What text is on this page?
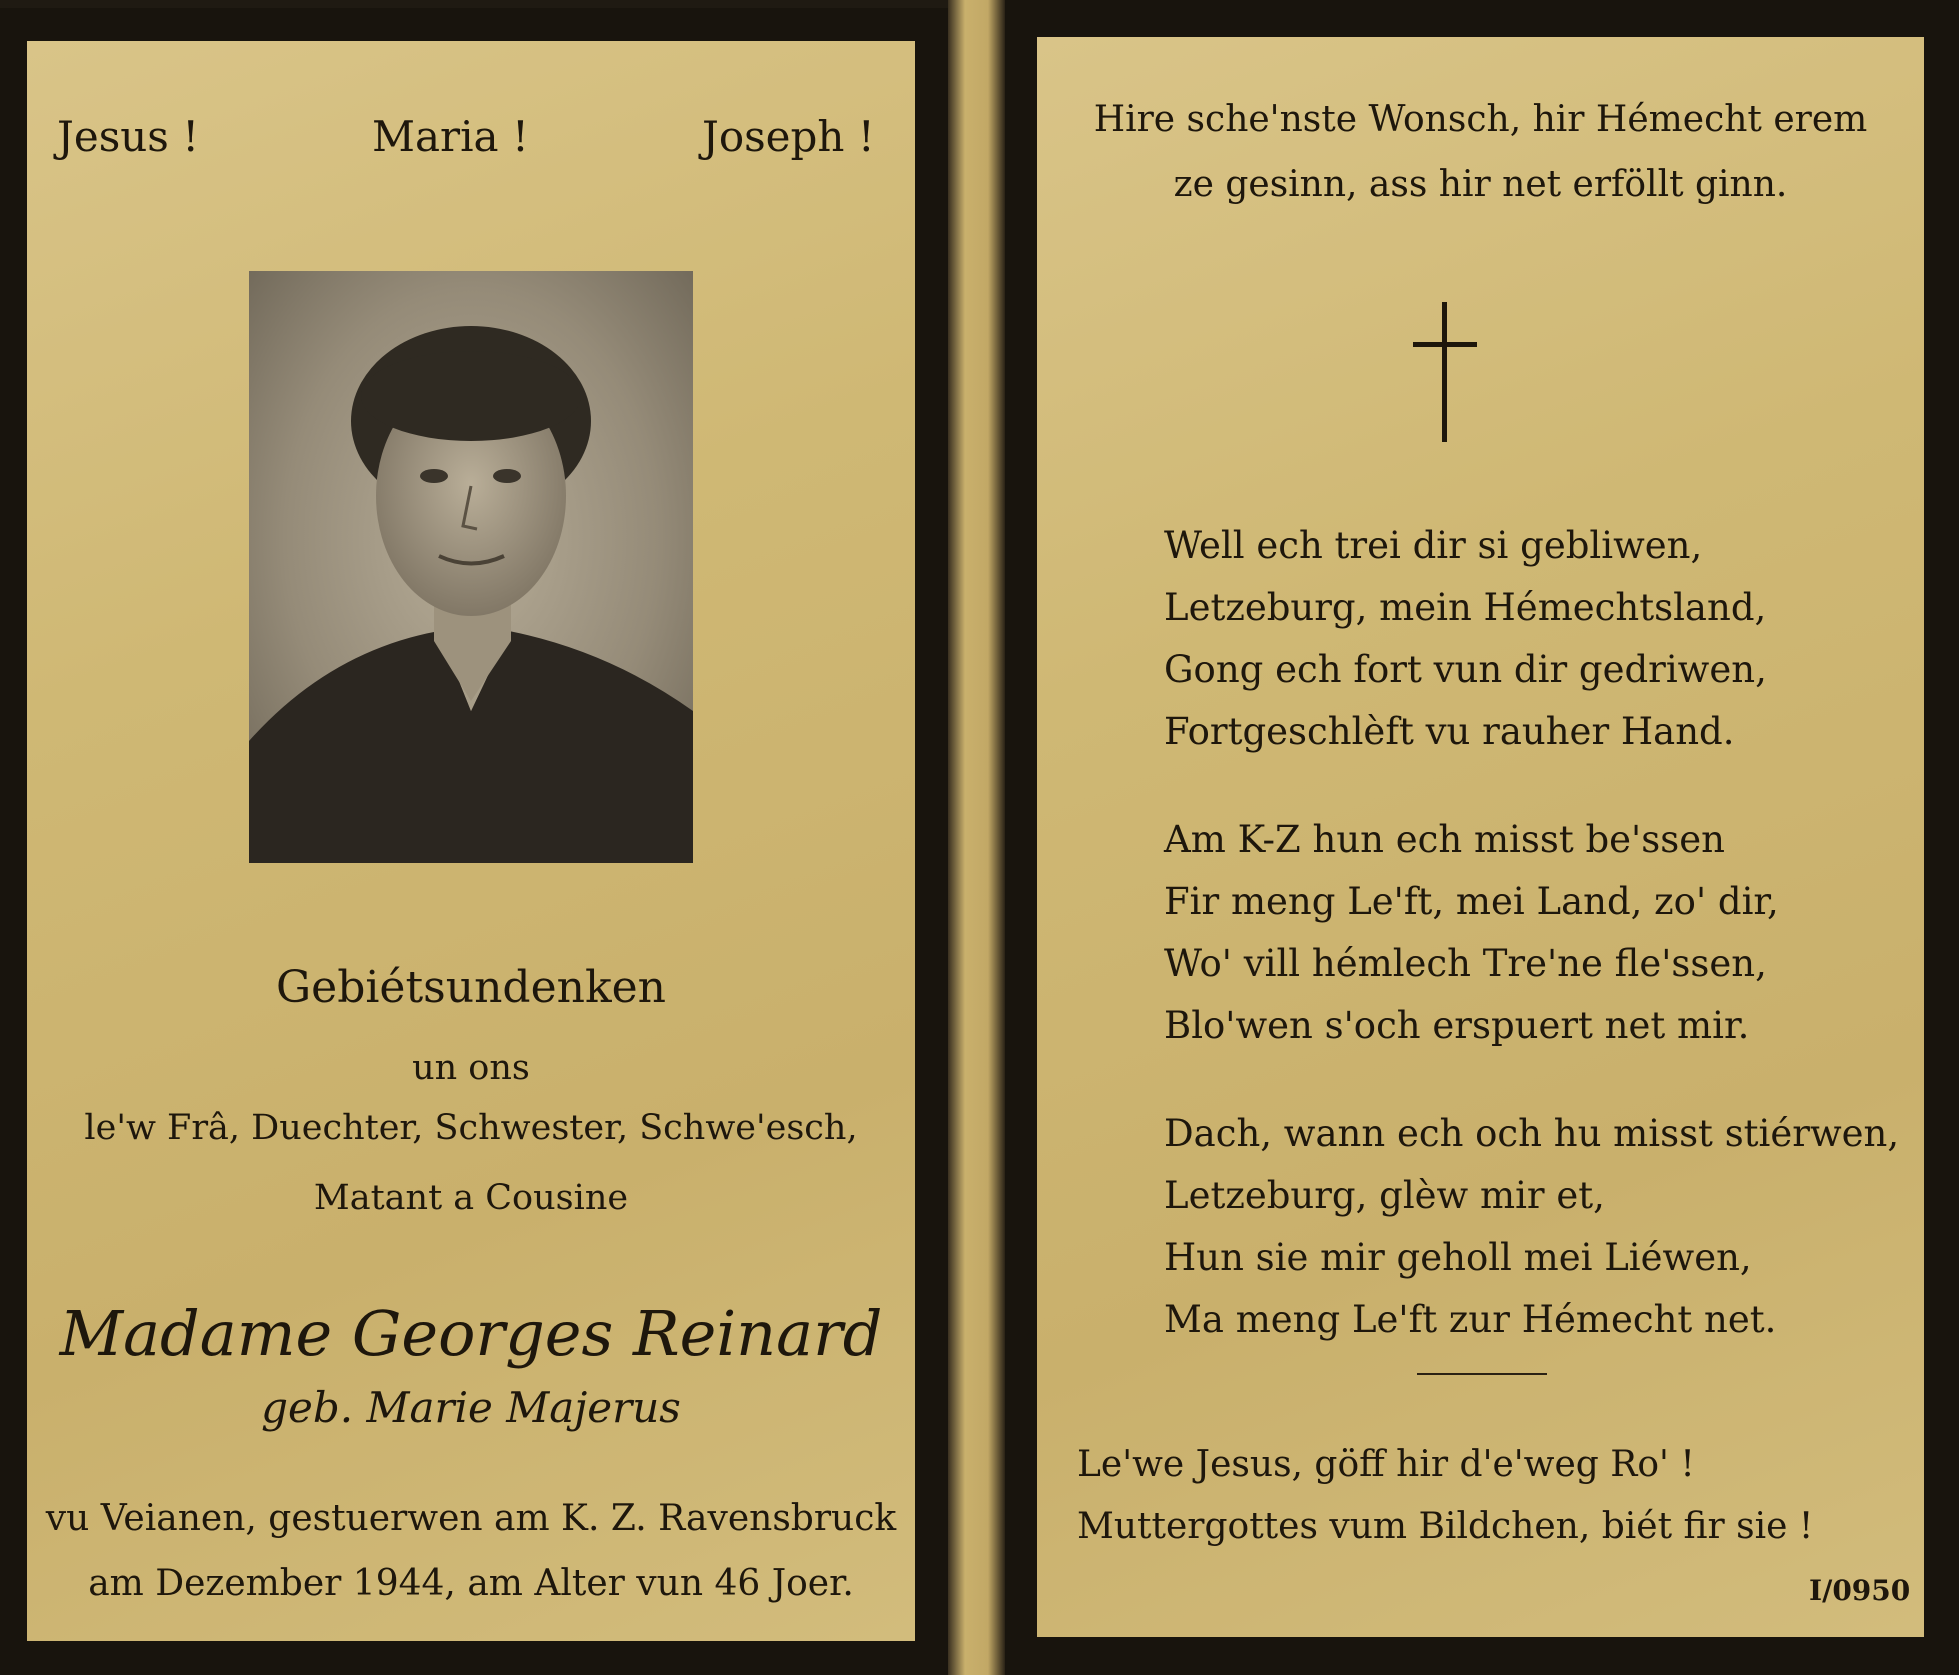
Jesus !	Maria !	Joseph !
Gebiétsundenken
un ons
le'w Frâ, Duechter, Schwester, Schwe'esch,
Matant a Cousine
Madame Georges Reinard
geb. Marie Majerus
vu Veianen, gestuerwen am K. Z. Ravensbruck
am Dezember 1944, am Alter vun 46 Joer.
Hire sche'nste Wonsch, hir Hémecht erem
ze gesinn, ass hir net erföllt ginn.
Well ech trei dir si gebliwen,
Letzeburg, mein Hémechtsland,
Gong ech fort vun dir gedriwen,
Fortgeschlèft vu rauher Hand.
Am K-Z hun ech misst be'ssen
Fir meng Le'ft, mei Land, zo' dir,
Wo' vill hémlech Tre'ne fle'ssen,
Blo'wen s'och erspuert net mir.
Dach, wann ech och hu misst stiérwen,
Letzeburg, glèw mir et,
Hun sie mir geholl mei Liéwen,
Ma meng Le'ft zur Hémecht net.
Le'we Jesus, göff hir d'e'weg Ro' !
Muttergottes vum Bildchen, biét fir sie !
I/0950
